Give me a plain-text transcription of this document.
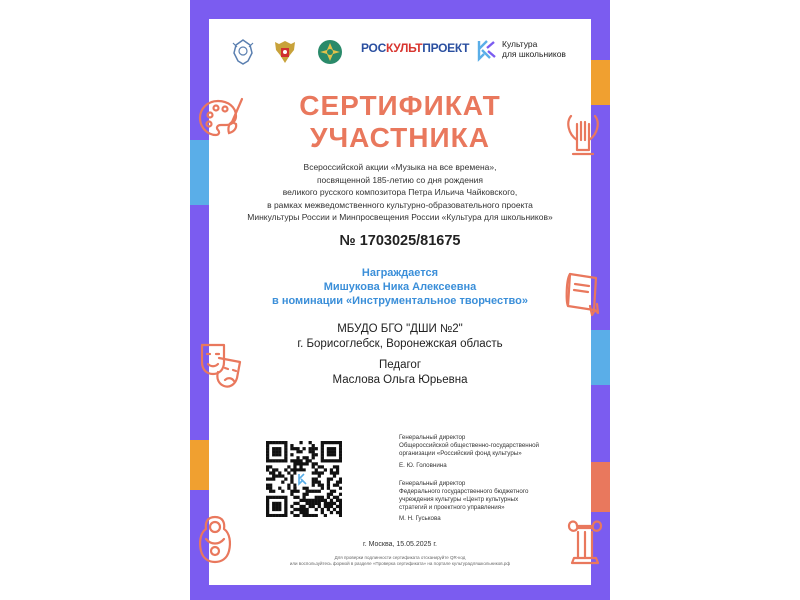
РОСКУЛЬТПРОЕКТ	Культура
для школьников
СЕРТИФИКАТ
УЧАСТНИКА
Всероссийской акции «Музыка на все времена»,
посвященной 185-летию со дня рождения
великого русского композитора Петра Ильича Чайковского,
в рамках межведомственного культурно-образовательного проекта
Минкультуры России и Минпросвещения России «Культура для школьников»
№ 1703025/81675
Награждается
Мишукова Ника Алексеевна
в номинации «Инструментальное творчество»
МБУДО БГО "ДШИ №2"
г. Борисоглебск, Воронежская область
Педагог
Маслова Ольга Юрьевна
Генеральный директор
Общероссийской общественно-государственной
организации «Российский фонд культуры»
Е. Ю. Головнина
Генеральный директор
Федерального государственного бюджетного
учреждения культуры «Центр культурных
стратегий и проектного управления»
М. Н. Гуськова
г. Москва, 15.05.2025 г.
Для проверки подлинности сертификата отсканируйте QR-код
или воспользуйтесь формой в разделе «Проверка сертификата» на портале культурадляшкольников.рф
